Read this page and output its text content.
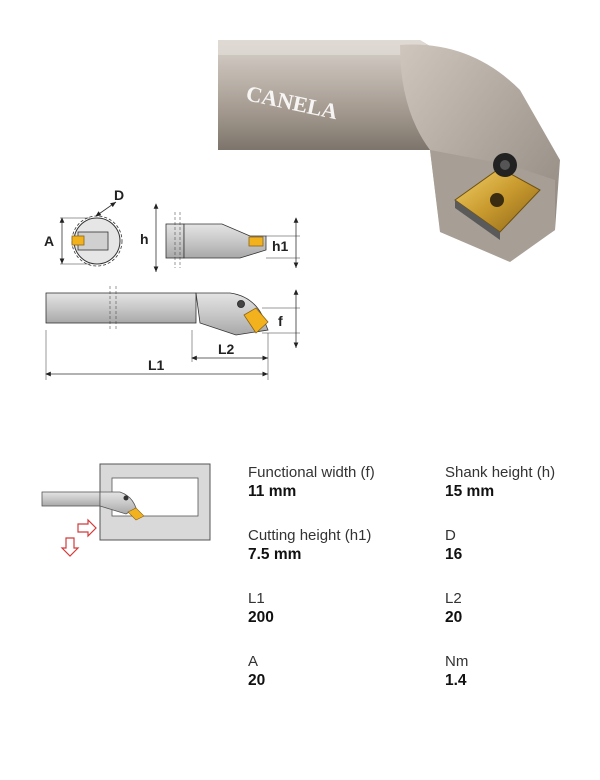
CANELA
A
D
h	h1
f
L2
L1
Functional width (f)
11 mm
Shank height (h)
15 mm
Cutting height (h1)
7.5 mm
D
16
L1
200
L2
20
A
20
Nm
1.4
